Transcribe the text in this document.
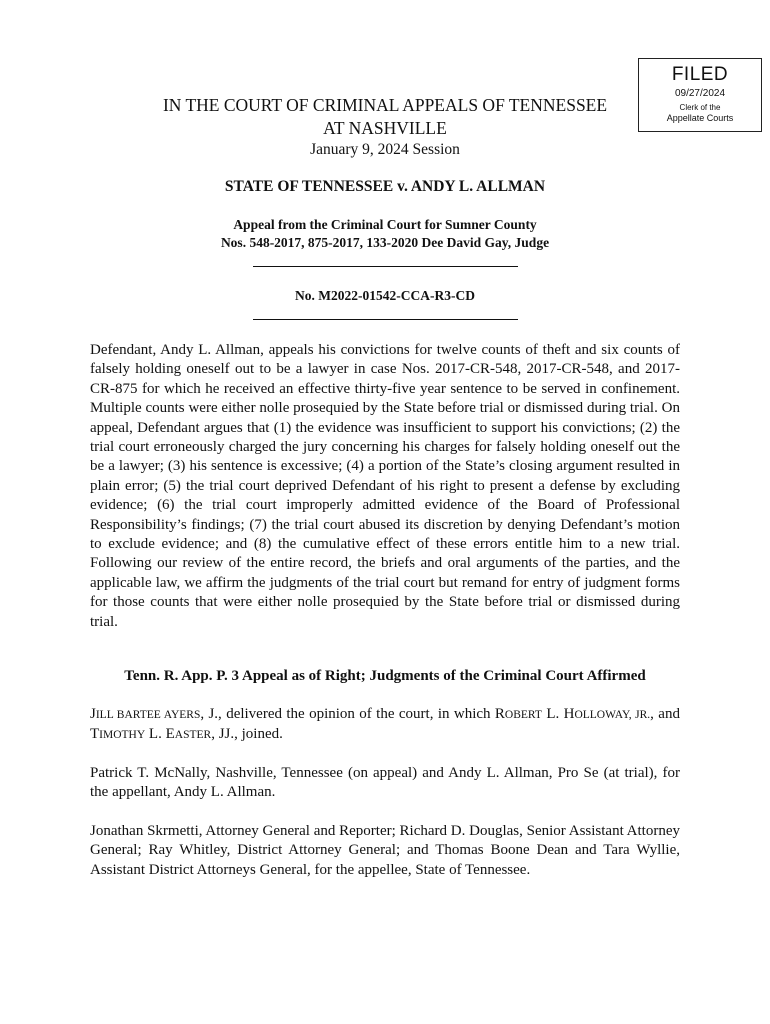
FILED
09/27/2024
Clerk of the
Appellate Courts
IN THE COURT OF CRIMINAL APPEALS OF TENNESSEE
AT NASHVILLE
January 9, 2024 Session
STATE OF TENNESSEE v. ANDY L. ALLMAN
Appeal from the Criminal Court for Sumner County
Nos. 548-2017, 875-2017, 133-2020 Dee David Gay, Judge
No. M2022-01542-CCA-R3-CD
Defendant, Andy L. Allman, appeals his convictions for twelve counts of theft and six counts of falsely holding oneself out to be a lawyer in case Nos. 2017-CR-548, 2017-CR-548, and 2017-CR-875 for which he received an effective thirty-five year sentence to be served in confinement. Multiple counts were either nolle prosequied by the State before trial or dismissed during trial. On appeal, Defendant argues that (1) the evidence was insufficient to support his convictions; (2) the trial court erroneously charged the jury concerning his charges for falsely holding oneself out the be a lawyer; (3) his sentence is excessive; (4) a portion of the State’s closing argument resulted in plain error; (5) the trial court deprived Defendant of his right to present a defense by excluding evidence; (6) the trial court improperly admitted evidence of the Board of Professional Responsibility’s findings; (7) the trial court abused its discretion by denying Defendant’s motion to exclude evidence; and (8) the cumulative effect of these errors entitle him to a new trial. Following our review of the entire record, the briefs and oral arguments of the parties, and the applicable law, we affirm the judgments of the trial court but remand for entry of judgment forms for those counts that were either nolle prosequied by the State before trial or dismissed during trial.
Tenn. R. App. P. 3 Appeal as of Right; Judgments of the Criminal Court Affirmed
JILL BARTEE AYERS, J., delivered the opinion of the court, in which ROBERT L. HOLLOWAY, JR., and TIMOTHY L. EASTER, JJ., joined.
Patrick T. McNally, Nashville, Tennessee (on appeal) and Andy L. Allman, Pro Se (at trial), for the appellant, Andy L. Allman.
Jonathan Skrmetti, Attorney General and Reporter; Richard D. Douglas, Senior Assistant Attorney General; Ray Whitley, District Attorney General; and Thomas Boone Dean and Tara Wyllie, Assistant District Attorneys General, for the appellee, State of Tennessee.
